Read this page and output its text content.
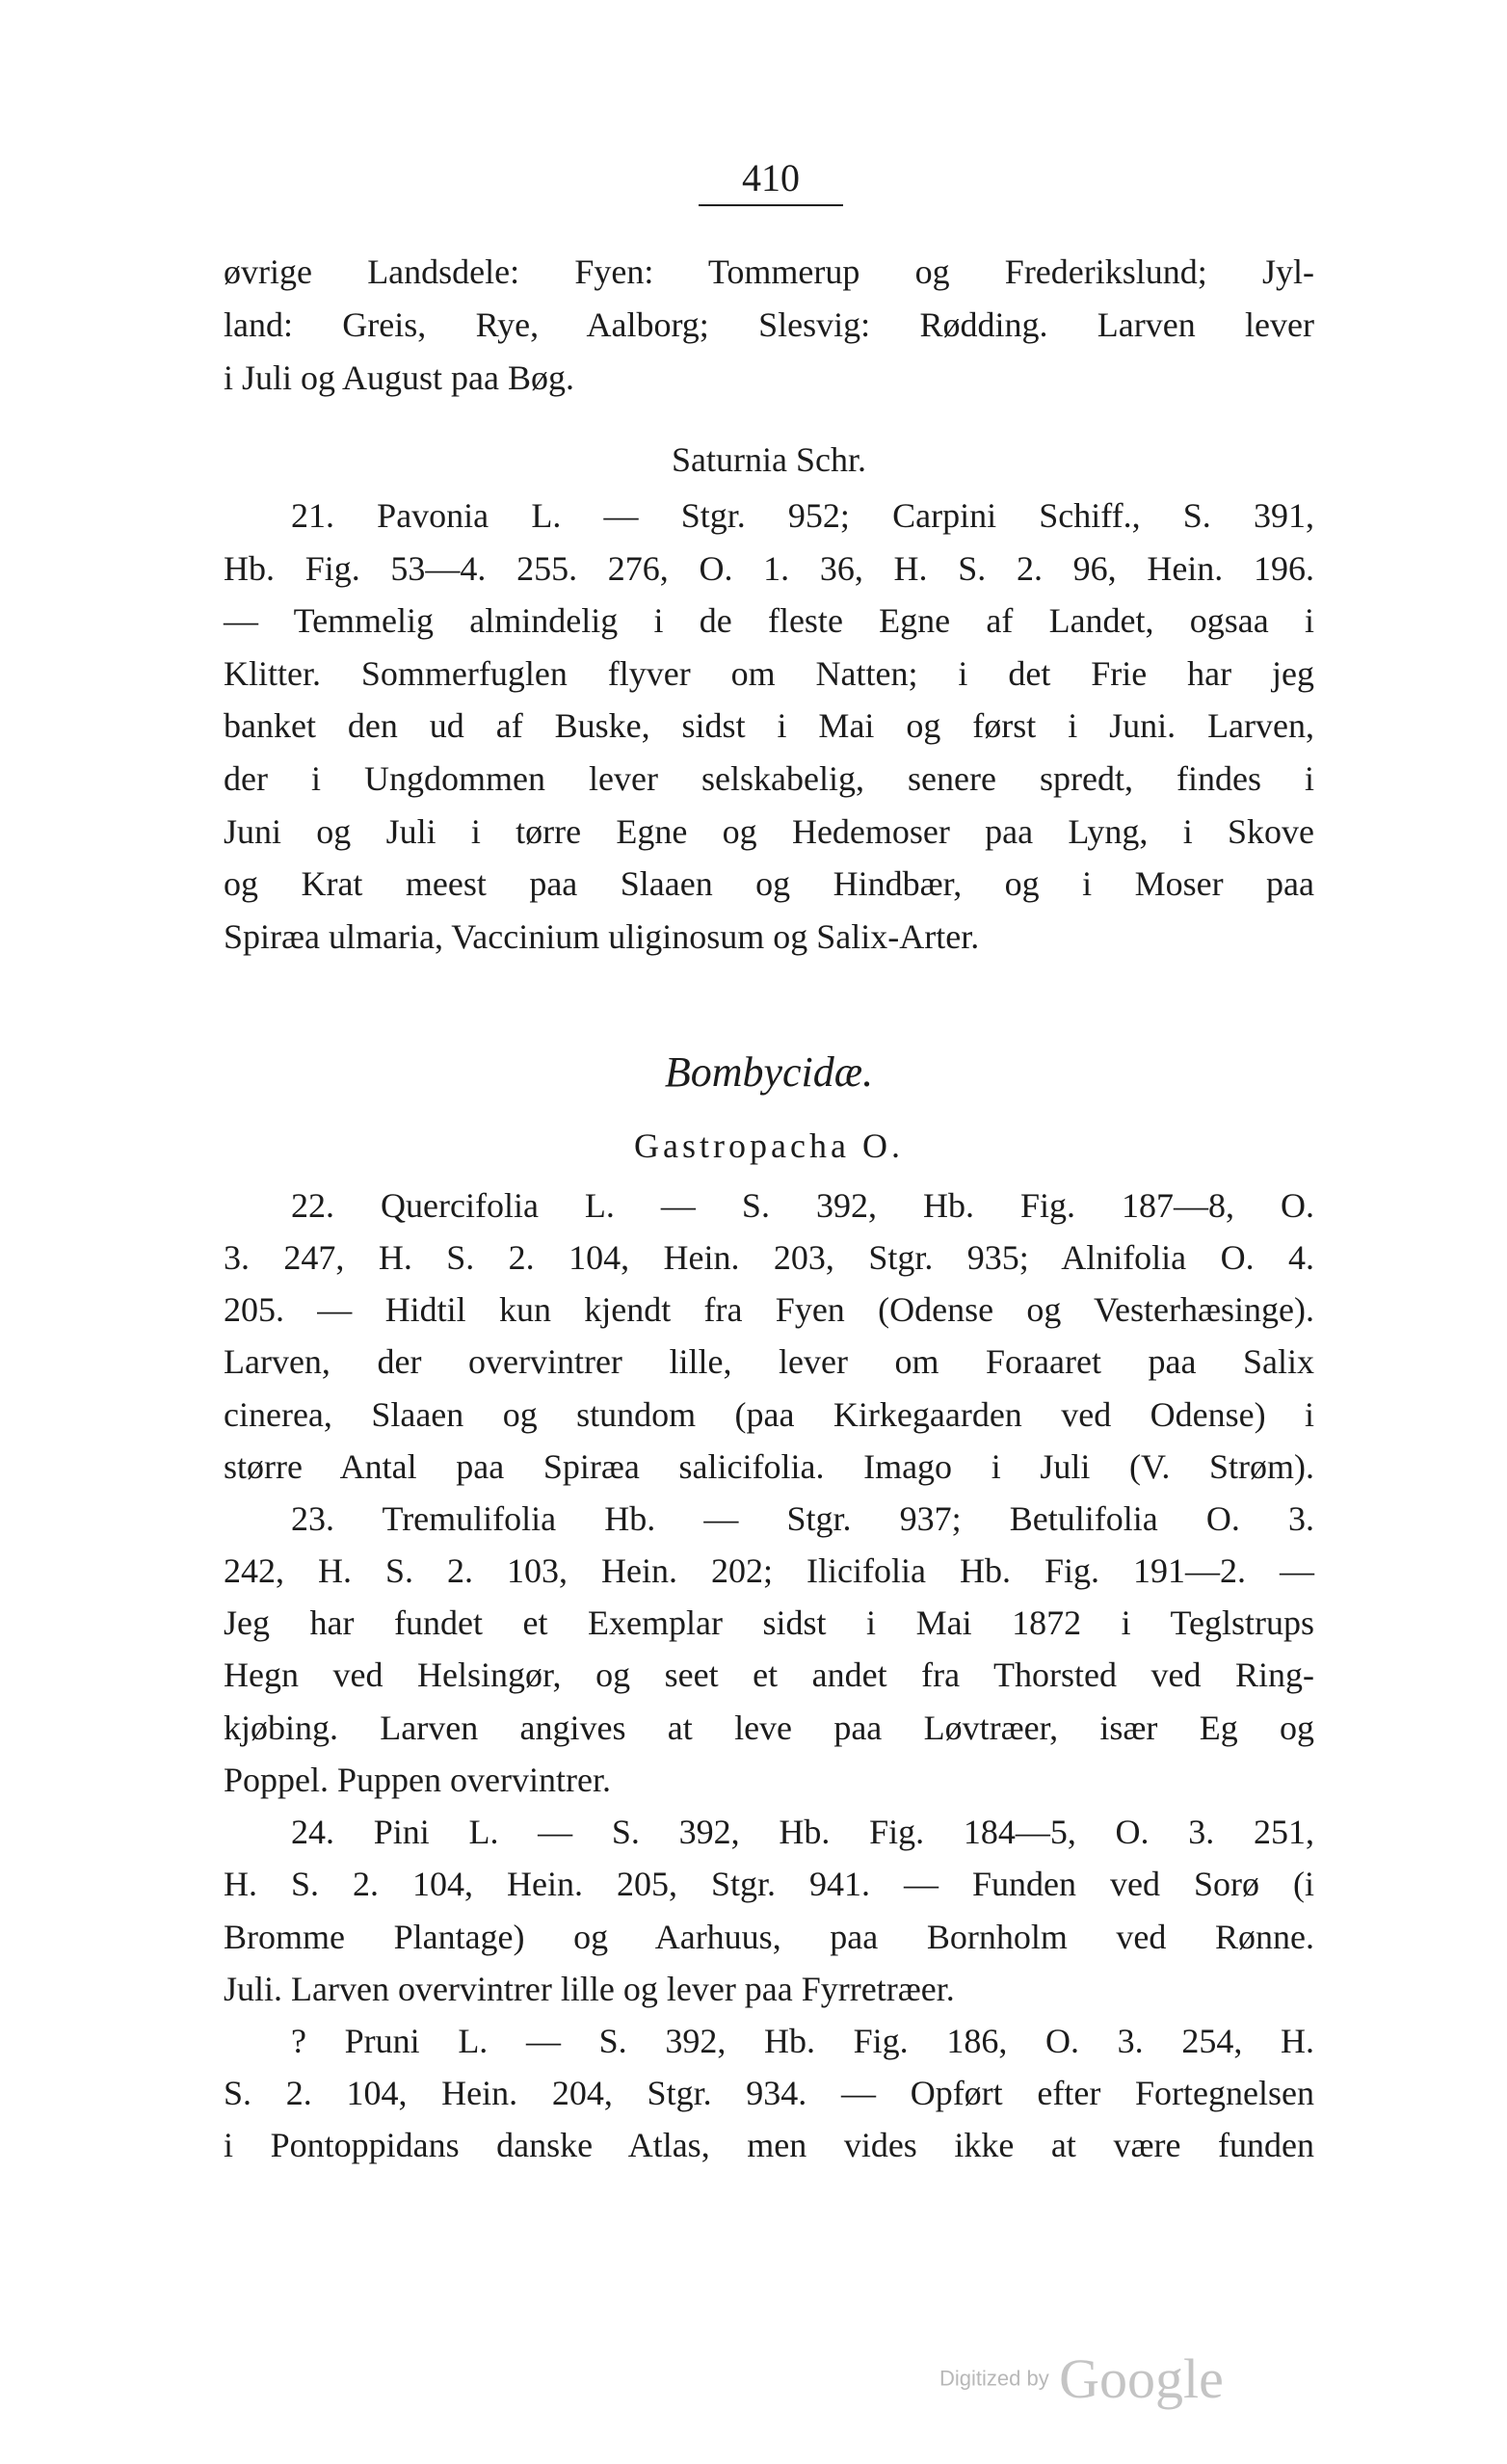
410
øvrige Landsdele: Fyen: Tommerup og Frederikslund; Jyl-
land: Greis, Rye, Aalborg; Slesvig: Rødding. Larven lever
i Juli og August paa Bøg.
Saturnia Schr.
21. Pavonia L. — Stgr. 952; Carpini Schiff., S. 391,
Hb. Fig. 53—4. 255. 276, O. 1. 36, H. S. 2. 96, Hein. 196.
— Temmelig almindelig i de fleste Egne af Landet, ogsaa i
Klitter. Sommerfuglen flyver om Natten; i det Frie har jeg
banket den ud af Buske, sidst i Mai og først i Juni. Larven,
der i Ungdommen lever selskabelig, senere spredt, findes i
Juni og Juli i tørre Egne og Hedemoser paa Lyng, i Skove
og Krat meest paa Slaaen og Hindbær, og i Moser paa
Spiræa ulmaria, Vaccinium uliginosum og Salix-Arter.
Bombycidæ.
Gastropacha O.
22. Quercifolia L. — S. 392, Hb. Fig. 187—8, O.
3. 247, H. S. 2. 104, Hein. 203, Stgr. 935; Alnifolia O. 4.
205. — Hidtil kun kjendt fra Fyen (Odense og Vesterhæsinge).
Larven, der overvintrer lille, lever om Foraaret paa Salix
cinerea, Slaaen og stundom (paa Kirkegaarden ved Odense) i
større Antal paa Spiræa salicifolia. Imago i Juli (V. Strøm).
23. Tremulifolia Hb. — Stgr. 937; Betulifolia O. 3.
242, H. S. 2. 103, Hein. 202; Ilicifolia Hb. Fig. 191—2. —
Jeg har fundet et Exemplar sidst i Mai 1872 i Teglstrups
Hegn ved Helsingør, og seet et andet fra Thorsted ved Ring-
kjøbing. Larven angives at leve paa Løvtræer, især Eg og
Poppel. Puppen overvintrer.
24. Pini L. — S. 392, Hb. Fig. 184—5, O. 3. 251,
H. S. 2. 104, Hein. 205, Stgr. 941. — Funden ved Sorø (i
Bromme Plantage) og Aarhuus, paa Bornholm ved Rønne.
Juli. Larven overvintrer lille og lever paa Fyrretræer.
? Pruni L. — S. 392, Hb. Fig. 186, O. 3. 254, H.
S. 2. 104, Hein. 204, Stgr. 934. — Opført efter Fortegnelsen
i Pontoppidans danske Atlas, men vides ikke at være funden
Digitized by Google
